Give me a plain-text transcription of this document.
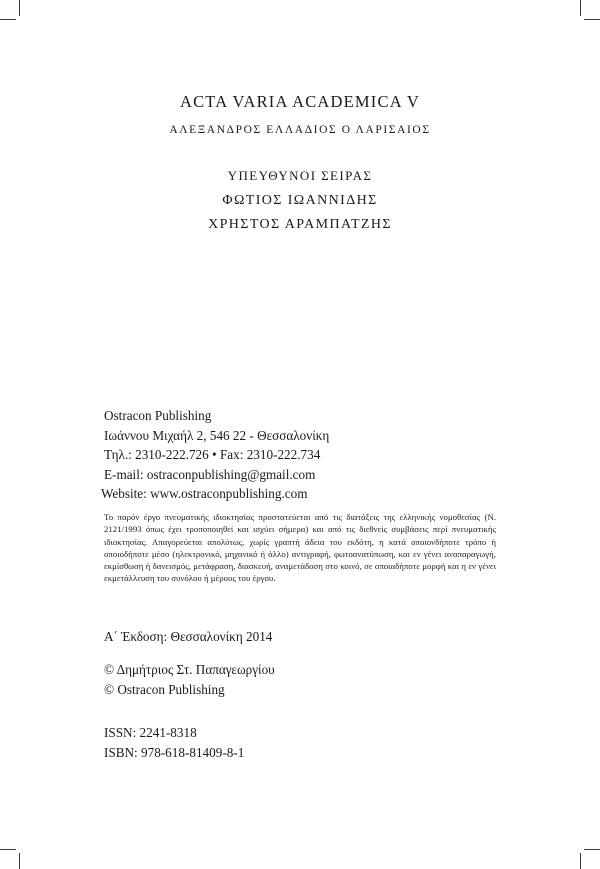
ACTA VARIA ACADEMICA V
ΑΛΕΞΑΝΔΡΟΣ ΕΛΛΑΔΙΟΣ Ο ΛΑΡΙΣΑΙΟΣ
ΥΠΕΥΘΥΝΟΙ ΣΕΙΡΑΣ
ΦΩΤΙΟΣ ΙΩΑΝΝΙΔΗΣ
ΧΡΗΣΤΟΣ ΑΡΑΜΠΑΤΖΗΣ
Ostracon Publishing
Ιωάννου Μιχαήλ 2, 546 22 - Θεσσαλονίκη
Τηλ.: 2310-222.726 • Fax: 2310-222.734
E-mail: ostraconpublishing@gmail.com
Website: www.ostraconpublishing.com
Το παρόν έργο πνευματικής ιδιοκτησίας προστατεύεται από τις διατάξεις της ελληνικής νομοθεσίας (Ν. 2121/1993 όπως έχει τροποποιηθεί και ισχύει σήμερα) και από τις διεθνείς συμβάσεις περί πνευματικής ιδιοκτησίας. Απαγορεύεται απολύτως, χωρίς γραπτή άδεια του εκδότη, η κατά οποιονδήποτε τρόπο ή οποιοδήποτε μέσο (ηλεκτρονικό, μηχανικό ή άλλο) αντιγραφή, φωτοανατύπωση, και εν γένει αναπαραγωγή, εκμίσθωση ή δανεισμός, μετάφραση, διασκευή, αναμετάδοση στο κοινό, σε οποιαδήποτε μορφή και η εν γένει εκμετάλλευση του συνόλου ή μέρους του έργου.
Α΄ Έκδοση: Θεσσαλονίκη 2014
© Δημήτριος Στ. Παπαγεωργίου
© Ostracon Publishing
ISSN: 2241-8318
ISBN: 978-618-81409-8-1
